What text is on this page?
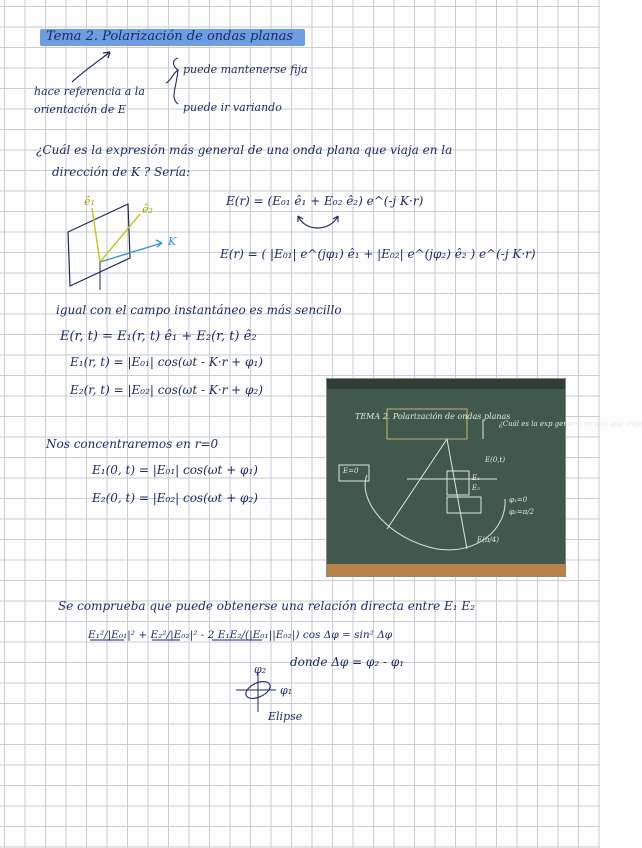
Tema 2. Polarización de ondas planas
hace referencia a la
orientación de E
puede mantenerse fija
puede ir variando
¿Cuál es la expresión más general de una onda plana que viaja en la
dirección de K ? Sería:
ê₁
ê₂
K
E(r) = (E₀₁ ê₁ + E₀₂ ê₂) e^(-j K·r)
E(r) = ( |E₀₁| e^(jφ₁) ê₁ + |E₀₂| e^(jφ₂) ê₂ ) e^(-j K·r)
igual con el campo instantáneo es más sencillo
E(r, t) = E₁(r, t) ê₁ + E₂(r, t) ê₂
E₁(r, t) = |E₀₁| cos(ωt - K·r + φ₁)
E₂(r, t) = |E₀₂| cos(ωt - K·r + φ₂)
Nos concentraremos en r=0
E₁(0, t) = |E₀₁| cos(ωt + φ₁)
E₂(0, t) = |E₀₂| cos(ωt + φ₂)
TEMA 2. Polarización de ondas planas
¿Cuál es la exp general de una que viaja
E(0,t)
E₁
E₂
E=0
φ₁=0
φ₂=π/2
E(π/4)
Se comprueba que puede obtenerse una relación directa entre E₁ E₂
E₁²/|E₀₁|² + E₂²/|E₀₂|² - 2 E₁E₂/(|E₀₁||E₀₂|) cos Δφ = sin² Δφ
donde Δφ = φ₂ - φ₁
φ₂
φ₁
Elipse
